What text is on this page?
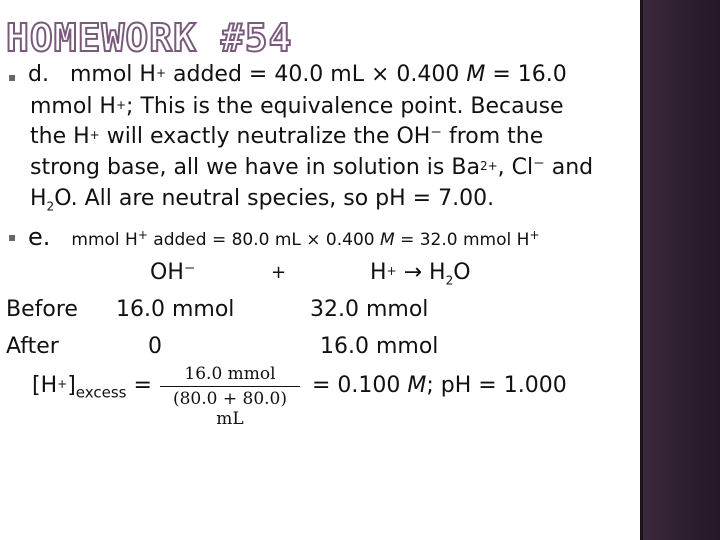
HOMEWORK #54
▪ d. mmol H+ added = 40.0 mL × 0.400 M = 16.0
mmol H+; This is the equivalence point. Because
the H+ will exactly neutralize the OH⁻ from the
strong base, all we have in solution is $Ba^{2+}$, Cl⁻ and
$H_2O$. All are neutral species, so pH = 7.00.
▪ e. mmol H+ added = 80.0 mL × 0.400 M = 32.0 mmol H+
OH⁻	+	$H^+ \to H_2O$
Before 16.0 mmol	32.0 mmol
After	0	16.0 mmol
$[H^+]_{excess}$ =	16.0 mmol
(80.0 + 80.0) mL
= 0.100 M; pH = 1.000
